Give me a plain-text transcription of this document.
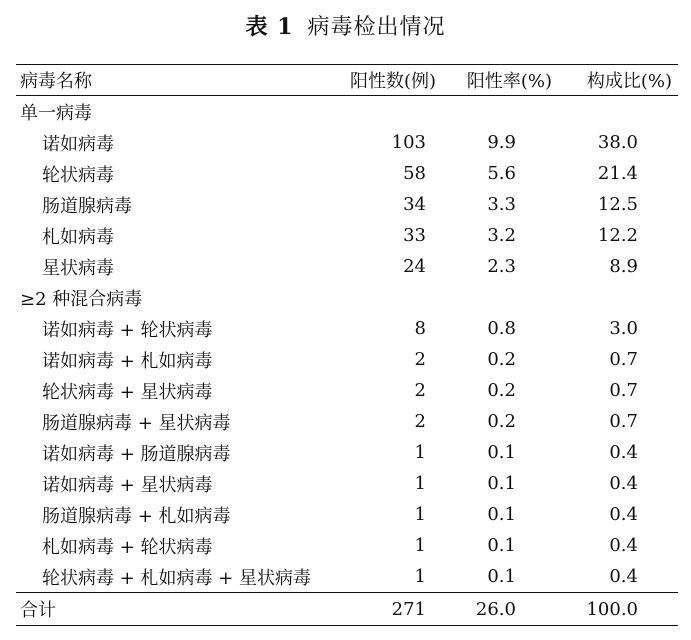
表 1 病毒检出情况
病毒名称	阳性数(例)	阳性率(%)	构成比(%)
单一病毒			
诺如病毒	103	9.9	38.0
轮状病毒	58	5.6	21.4
肠道腺病毒	34	3.3	12.5
札如病毒	33	3.2	12.2
星状病毒	24	2.3	8.9
≥2 种混合病毒			
诺如病毒 + 轮状病毒	8	0.8	3.0
诺如病毒 + 札如病毒	2	0.2	0.7
轮状病毒 + 星状病毒	2	0.2	0.7
肠道腺病毒 + 星状病毒	2	0.2	0.7
诺如病毒 + 肠道腺病毒	1	0.1	0.4
诺如病毒 + 星状病毒	1	0.1	0.4
肠道腺病毒 + 札如病毒	1	0.1	0.4
札如病毒 + 轮状病毒	1	0.1	0.4
轮状病毒 + 札如病毒 + 星状病毒	1	0.1	0.4
合计	271	26.0	100.0
